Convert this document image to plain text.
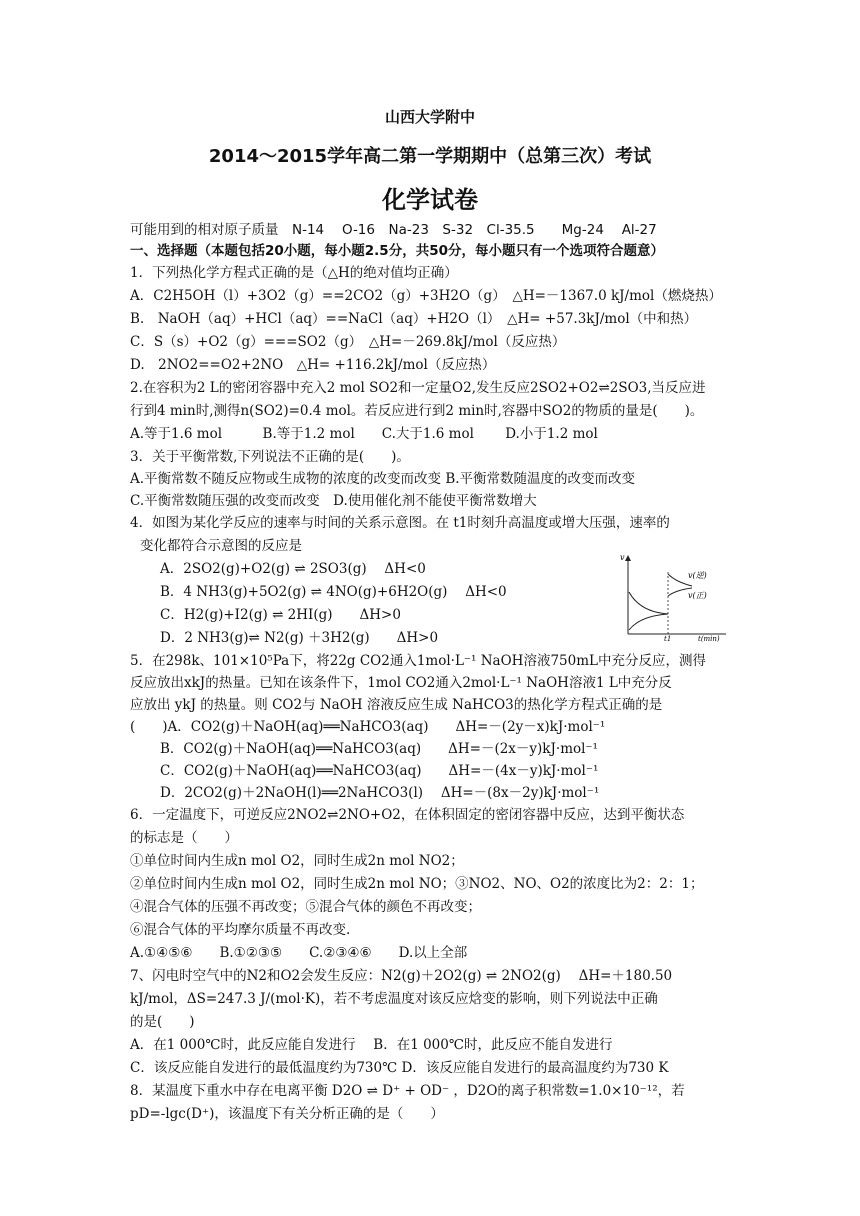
山西大学附中
2014～2015学年高二第一学期期中（总第三次）考试
化学试卷
可能用到的相对原子质量　N-14　 O-16　Na-23　S-32　Cl-35.5　　Mg-24　 Al-27
一、选择题（本题包括20小题，每小题2.5分，共50分，每小题只有一个选项符合题意）
1．下列热化学方程式正确的是（△H的绝对值均正确）
A．C2H5OH（l）+3O2（g）==2CO2（g）+3H2O（g）　△H=－1367.0 kJ/mol（燃烧热）
B.　NaOH（aq）+HCl（aq）==NaCl（aq）+H2O（l）　△H= +57.3kJ/mol（中和热）
C．S（s）+O2（g）===SO2（g）　△H=－269.8kJ/mol（反应热）
D.　2NO2==O2+2NO　△H= +116.2kJ/mol（反应热）
2.在容积为2 L的密闭容器中充入2 mol SO2和一定量O2,发生反应2SO2+O2⇌2SO3,当反应进
行到4 min时,测得n(SO2)=0.4 mol。若反应进行到2 min时,容器中SO2的物质的量是(　　)。
A.等于1.6 mol　　　B.等于1.2 mol　　C.大于1.6 mol　　 D.小于1.2 mol
3．关于平衡常数,下列说法不正确的是(　　)。
A.平衡常数不随反应物或生成物的浓度的改变而改变 B.平衡常数随温度的改变而改变
C.平衡常数随压强的改变而改变　D.使用催化剂不能使平衡常数增大
4．如图为某化学反应的速率与时间的关系示意图。在 t1时刻升高温度或增大压强，速率的
变化都符合示意图的反应是
A．2SO2(g)+O2(g) ⇌ 2SO3(g)　 ΔH<0
B．4 NH3(g)+5O2(g) ⇌ 4NO(g)+6H2O(g)　 ΔH<0
C．H2(g)+I2(g) ⇌ 2HI(g)　　ΔH>0
D．2 NH3(g)⇌ N2(g) ＋3H2(g)　　ΔH>0
v
t(min)
t1
v(逆)
v(正)
5．在298k、101×10⁵Pa下，将22g CO2通入1mol·L⁻¹ NaOH溶液750mL中充分反应，测得
反应放出xkJ的热量。已知在该条件下，1mol CO2通入2mol·L⁻¹ NaOH溶液1 L中充分反
应放出 ykJ 的热量。则 CO2与 NaOH 溶液反应生成 NaHCO3的热化学方程式正确的是
(　　)A．CO2(g)＋NaOH(aq)══NaHCO3(aq)　　ΔH=－(2y－x)kJ·mol⁻¹
B．CO2(g)＋NaOH(aq)══NaHCO3(aq)　　ΔH=－(2x－y)kJ·mol⁻¹
C．CO2(g)＋NaOH(aq)══NaHCO3(aq)　　ΔH=－(4x－y)kJ·mol⁻¹
D．2CO2(g)＋2NaOH(l)══2NaHCO3(l)　 ΔH=－(8x－2y)kJ·mol⁻¹
6．一定温度下，可逆反应2NO2⇌2NO+O2，在体积固定的密闭容器中反应，达到平衡状态
的标志是（　　）
①单位时间内生成n mol O2，同时生成2n mol NO2；
②单位时间内生成n mol O2，同时生成2n mol NO；③NO2、NO、O2的浓度比为2：2：1；
④混合气体的压强不再改变；⑤混合气体的颜色不再改变；
⑥混合气体的平均摩尔质量不再改变.
A.①④⑤⑥　　B.①②③⑤　　C.②③④⑥　　D.以上全部
7、闪电时空气中的N2和O2会发生反应：N2(g)＋2O2(g) ⇌ 2NO2(g)　 ΔH=＋180.50
kJ/mol，ΔS=247.3 J/(mol·K)，若不考虑温度对该反应焓变的影响，则下列说法中正确
的是(　　)
A．在1 000℃时，此反应能自发进行　 B．在1 000℃时，此反应不能自发进行
C．该反应能自发进行的最低温度约为730℃ D．该反应能自发进行的最高温度约为730 K
8．某温度下重水中存在电离平衡 D2O ⇌ D⁺ + OD⁻ ，D2O的离子积常数=1.0×10⁻¹²，若
pD=-lgc(D⁺)，该温度下有关分析正确的是（　　）
